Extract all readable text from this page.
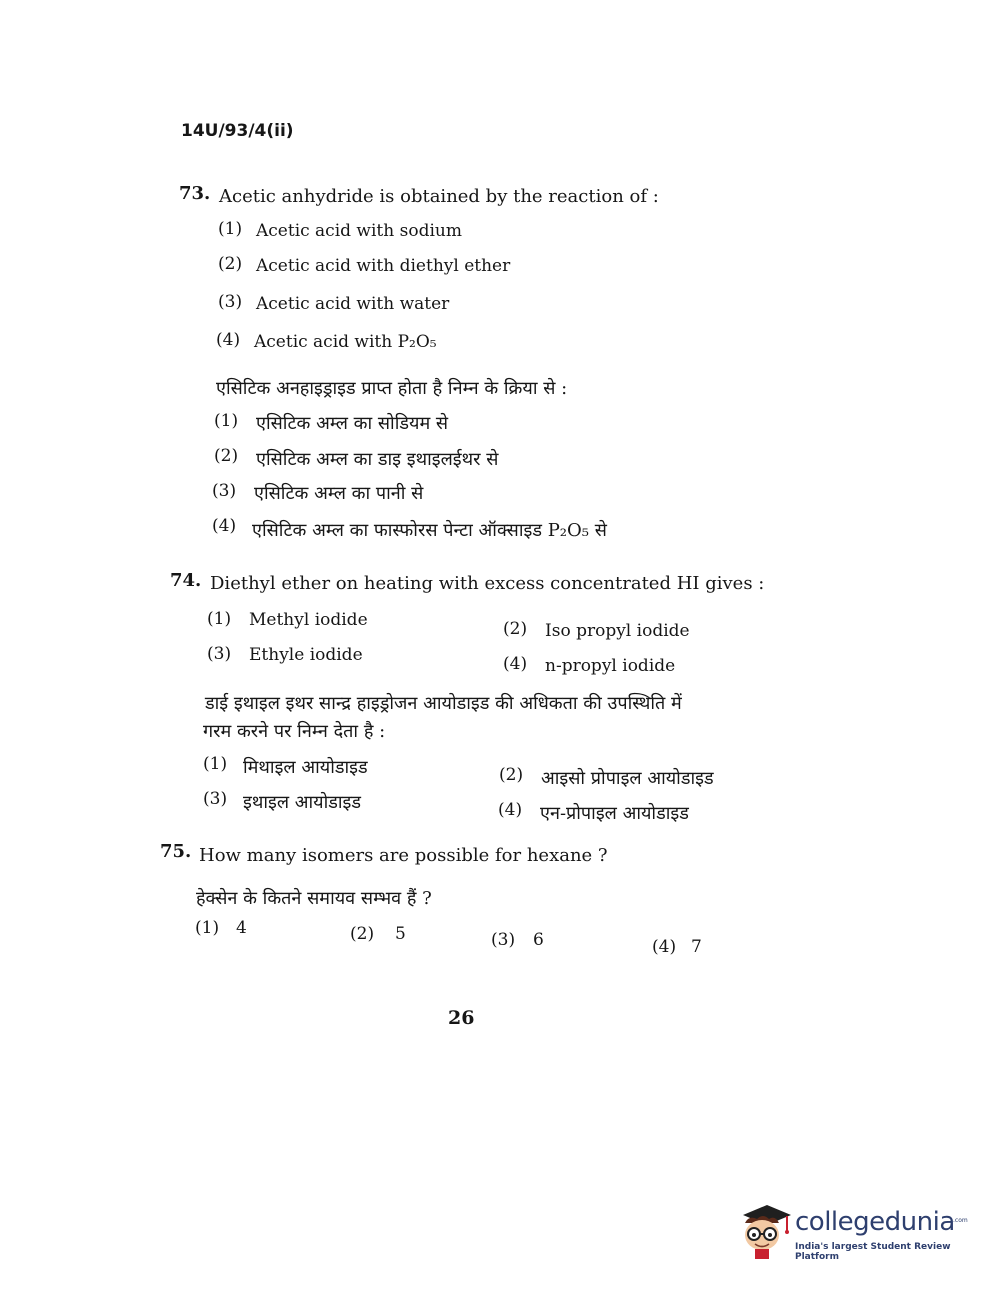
14U/93/4(ii)
73. Acetic anhydride is obtained by the reaction of :
(1) Acetic acid with sodium
(2) Acetic acid with diethyl ether
(3) Acetic acid with water
(4) Acetic acid with P₂O₅
एसिटिक अनहाइड्राइड प्राप्त होता है निम्न के क्रिया से :
(1) एसिटिक अम्ल का सोडियम से
(2) एसिटिक अम्ल का डाइ इथाइलईथर से
(3) एसिटिक अम्ल का पानी से
(4) एसिटिक अम्ल का फास्फोरस पेन्टा ऑक्साइड P₂O₅ से
74. Diethyl ether on heating with excess concentrated HI gives :
(1) Methyl iodide	(2) Iso propyl iodide
(3) Ethyle iodide	(4) n-propyl iodide
डाई इथाइल इथर सान्द्र हाइड्रोजन आयोडाइड की अधिकता की उपस्थिति में
गरम करने पर निम्न देता है :
(1) मिथाइल आयोडाइड	(2) आइसो प्रोपाइल आयोडाइड
(3) इथाइल आयोडाइड	(4) एन-प्रोपाइल आयोडाइड
75. How many isomers are possible for hexane ?
हेक्सेन के कितने समायव सम्भव हैं ?
(1) 4	(2) 5	(3) 6	(4) 7
26
collegedunia
.com
India's largest Student Review Platform
